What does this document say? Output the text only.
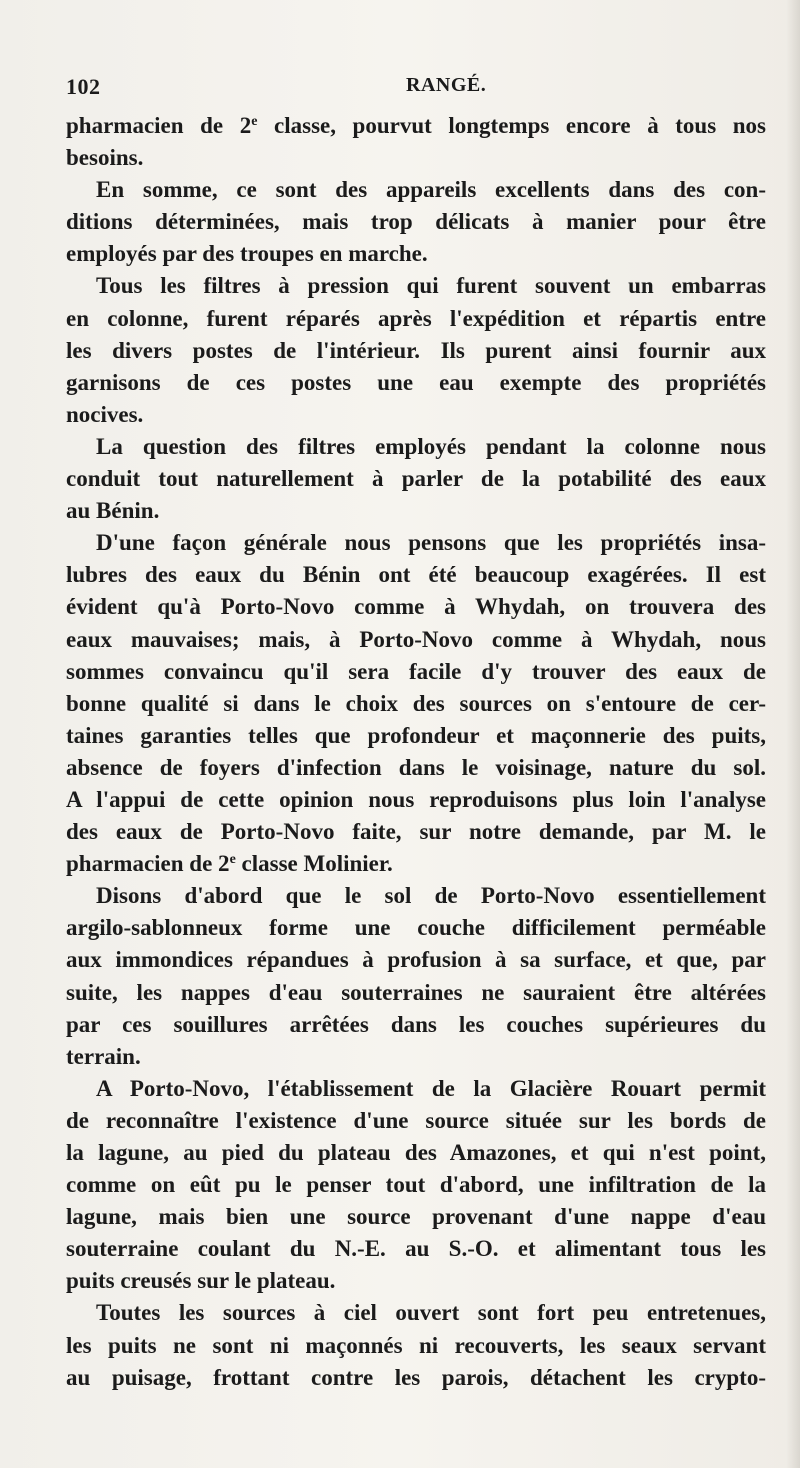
102	RANGÉ.
pharmacien de 2e classe, pourvut longtemps encore à tous nos
besoins.
En somme, ce sont des appareils excellents dans des con-
ditions déterminées, mais trop délicats à manier pour être
employés par des troupes en marche.
Tous les filtres à pression qui furent souvent un embarras
en colonne, furent réparés après l'expédition et répartis entre
les divers postes de l'intérieur. Ils purent ainsi fournir aux
garnisons de ces postes une eau exempte des propriétés
nocives.
La question des filtres employés pendant la colonne nous
conduit tout naturellement à parler de la potabilité des eaux
au Bénin.
D'une façon générale nous pensons que les propriétés insa-
lubres des eaux du Bénin ont été beaucoup exagérées. Il est
évident qu'à Porto-Novo comme à Whydah, on trouvera des
eaux mauvaises; mais, à Porto-Novo comme à Whydah, nous
sommes convaincu qu'il sera facile d'y trouver des eaux de
bonne qualité si dans le choix des sources on s'entoure de cer-
taines garanties telles que profondeur et maçonnerie des puits,
absence de foyers d'infection dans le voisinage, nature du sol.
A l'appui de cette opinion nous reproduisons plus loin l'analyse
des eaux de Porto-Novo faite, sur notre demande, par M. le
pharmacien de 2e classe Molinier.
Disons d'abord que le sol de Porto-Novo essentiellement
argilo-sablonneux forme une couche difficilement perméable
aux immondices répandues à profusion à sa surface, et que, par
suite, les nappes d'eau souterraines ne sauraient être altérées
par ces souillures arrêtées dans les couches supérieures du
terrain.
A Porto-Novo, l'établissement de la Glacière Rouart permit
de reconnaître l'existence d'une source située sur les bords de
la lagune, au pied du plateau des Amazones, et qui n'est point,
comme on eût pu le penser tout d'abord, une infiltration de la
lagune, mais bien une source provenant d'une nappe d'eau
souterraine coulant du N.-E. au S.-O. et alimentant tous les
puits creusés sur le plateau.
Toutes les sources à ciel ouvert sont fort peu entretenues,
les puits ne sont ni maçonnés ni recouverts, les seaux servant
au puisage, frottant contre les parois, détachent les crypto-
